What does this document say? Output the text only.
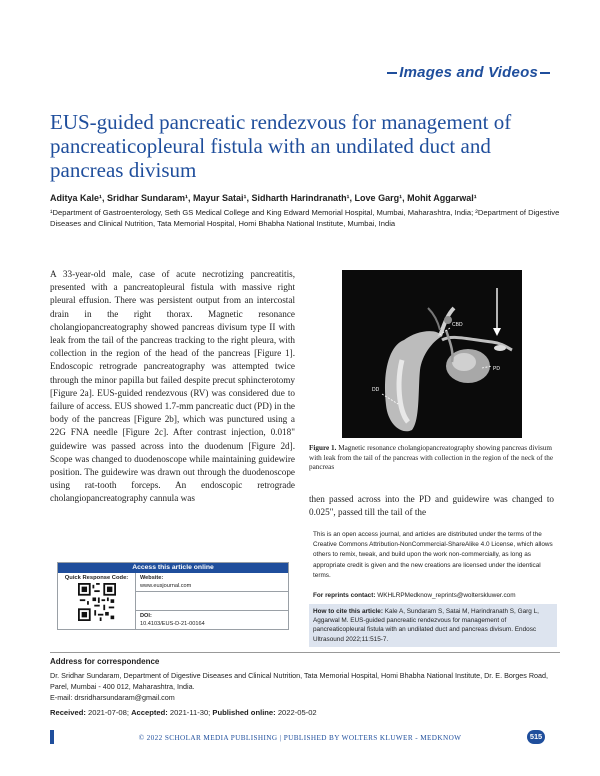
Images and Videos
EUS-guided pancreatic rendezvous for management of pancreaticopleural fistula with an undilated duct and pancreas divisum
Aditya Kale¹, Sridhar Sundaram¹, Mayur Satai¹, Sidharth Harindranath¹, Love Garg¹, Mohit Aggarwal¹
¹Department of Gastroenterology, Seth GS Medical College and King Edward Memorial Hospital, Mumbai, Maharashtra, India; ²Department of Digestive Diseases and Clinical Nutrition, Tata Memorial Hospital, Homi Bhabha National Institute, Mumbai, India

A 33-year-old male, case of acute necrotizing pancreatitis, presented with a pancreatopleural fistula with massive right pleural effusion. There was persistent output from an intercostal drain in the right thorax. Magnetic resonance cholangiopancreatography showed pancreas divisum type II with leak from the tail of the pancreas tracking to the right pleura, with collection in the region of the head of the pancreas [Figure 1]. Endoscopic retrograde pancreatography was attempted twice through the minor papilla but failed despite precut sphincterotomy [Figure 2a]. EUS-guided rendezvous (RV) was considered due to failure of access. EUS showed 1.7-mm pancreatic duct (PD) in the body of the pancreas [Figure 2b], which was punctured using a 22G FNA needle [Figure 2c]. After contrast injection, 0.018" guidewire was passed across into the duodenum [Figure 2d]. Scope was changed to duodenoscope while maintaining guidewire position. The guidewire was drawn out through the duodenoscope using rat-tooth forceps. An endoscopic retrograde cholangiopancreatography cannula was

DD
CBD
PD

Figure 1. Magnetic resonance cholangiopancreatography showing pancreas divisum with leak from the tail of the pancreas with collection in the region of the neck of the pancreas

then passed across into the PD and guidewire was changed to 0.025", passed till the tail of the

This is an open access journal, and articles are distributed under the terms of the Creative Commons Attribution-NonCommercial-ShareAlike 4.0 License, which allows others to remix, tweak, and build upon the work non-commercially, as long as appropriate credit is given and the new creations are licensed under the identical terms.
For reprints contact: WKHLRPMedknow_reprints@wolterskluwer.com
How to cite this article: Kale A, Sundaram S, Satai M, Harindranath S, Garg L, Aggarwal M. EUS-guided pancreatic rendezvous for management of pancreaticopleural fistula with an undilated duct and pancreas divisum. Endosc Ultrasound 2022;11:515-7.
Access this article online
Quick Response Code:	Website:
www.eusjournal.com
DOI:
10.4103/EUS-D-21-00164
Address for correspondence
Dr. Sridhar Sundaram, Department of Digestive Diseases and Clinical Nutrition, Tata Memorial Hospital, Homi Bhabha National Institute, Dr. E. Borges Road, Parel, Mumbai - 400 012, Maharashtra, India.
E-mail: drsridharsundaram@gmail.com
Received: 2021-07-08; Accepted: 2021-11-30; Published online: 2022-05-02
© 2022 SCHOLAR MEDIA PUBLISHING | PUBLISHED BY WOLTERS KLUWER - MEDKNOW	515
